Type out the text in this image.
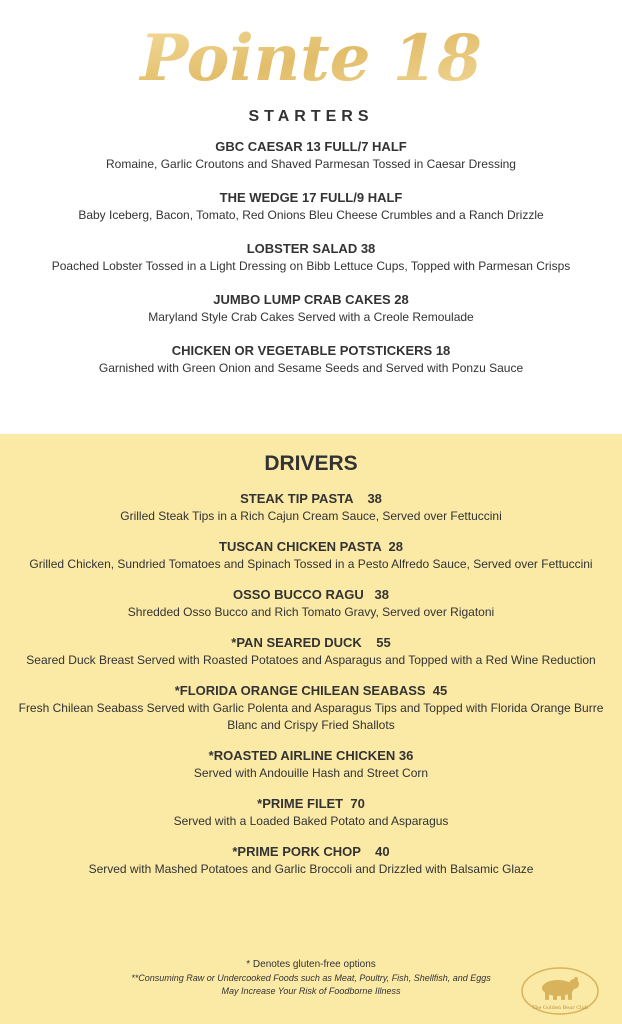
Pointe 18
STARTERS
GBC CAESAR 13 FULL/7 HALF
Romaine, Garlic Croutons and Shaved Parmesan Tossed in Caesar Dressing
THE WEDGE 17 FULL/9 HALF
Baby Iceberg, Bacon, Tomato, Red Onions Bleu Cheese Crumbles and a Ranch Drizzle
LOBSTER SALAD 38
Poached Lobster Tossed in a Light Dressing on Bibb Lettuce Cups, Topped with Parmesan Crisps
JUMBO LUMP CRAB CAKES 28
Maryland Style Crab Cakes Served with a Creole Remoulade
CHICKEN OR VEGETABLE POTSTICKERS 18
Garnished with Green Onion and Sesame Seeds and Served with Ponzu Sauce
DRIVERS
STEAK TIP PASTA    38
Grilled Steak Tips in a Rich Cajun Cream Sauce, Served over Fettuccini
TUSCAN CHICKEN PASTA  28
Grilled Chicken, Sundried Tomatoes and Spinach Tossed in a Pesto Alfredo Sauce, Served over Fettuccini
OSSO BUCCO RAGU   38
Shredded Osso Bucco and Rich Tomato Gravy, Served over Rigatoni
*PAN SEARED DUCK    55
Seared Duck Breast Served with Roasted Potatoes and Asparagus and Topped with a Red Wine Reduction
*FLORIDA ORANGE CHILEAN SEABASS  45
Fresh Chilean Seabass Served with Garlic Polenta and Asparagus Tips and Topped with Florida Orange Burre Blanc and Crispy Fried Shallots
*ROASTED AIRLINE CHICKEN 36
Served with Andouille Hash and Street Corn
*PRIME FILET  70
Served with a Loaded Baked Potato and Asparagus
*PRIME PORK CHOP    40
Served with Mashed Potatoes and Garlic Broccoli and Drizzled with Balsamic Glaze
* Denotes gluten-free options
**Consuming Raw or Undercooked Foods such as Meat, Poultry, Fish, Shellfish, and Eggs
May Increase Your Risk of Foodborne Illness
The Golden Bear Club
